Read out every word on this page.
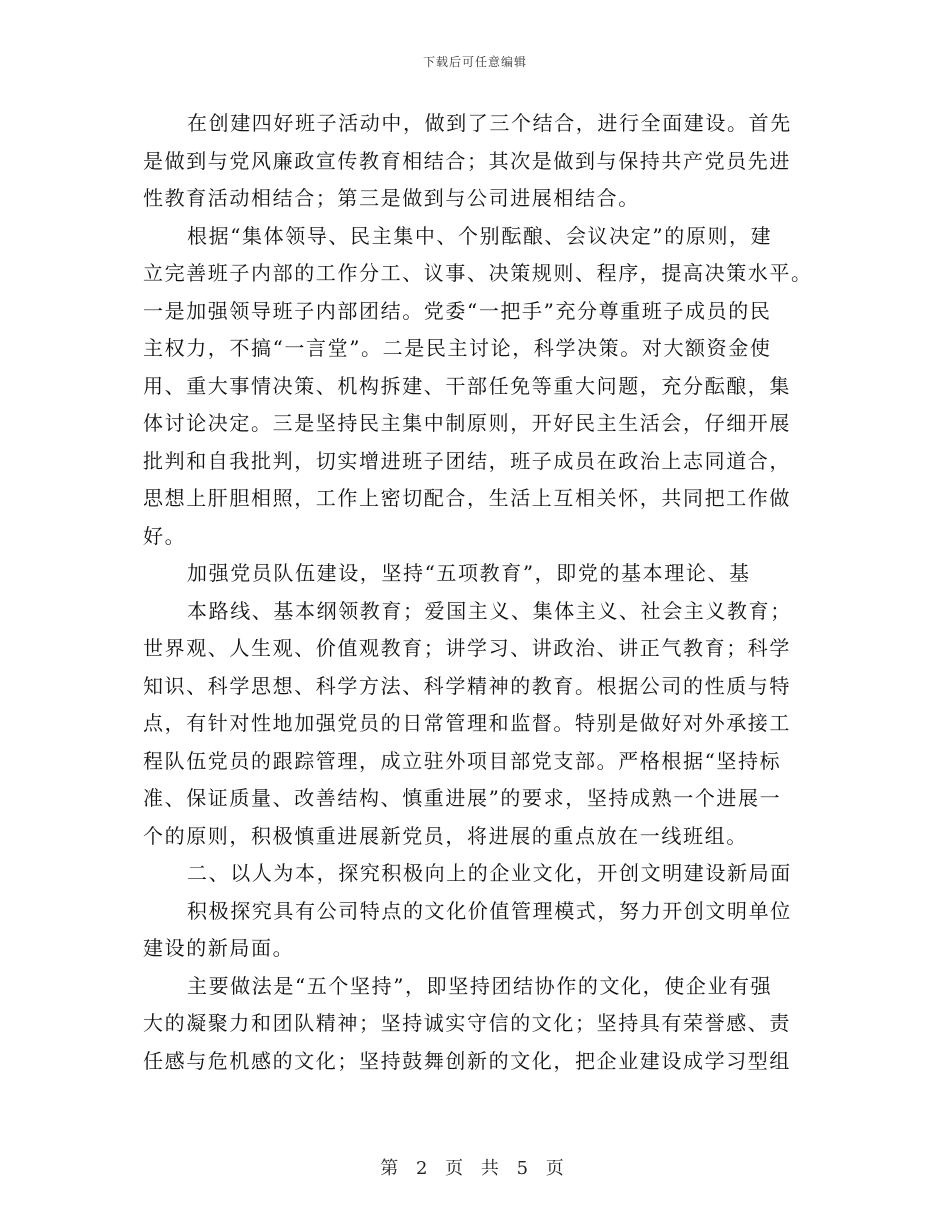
下载后可任意编辑
在创建四好班子活动中，做到了三个结合，进行全面建设。首先
是做到与党风廉政宣传教育相结合；其次是做到与保持共产党员先进
性教育活动相结合；第三是做到与公司进展相结合。
根据“集体领导、民主集中、个别酝酿、会议决定”的原则，建
立完善班子内部的工作分工、议事、决策规则、程序，提高决策水平。
一是加强领导班子内部团结。党委“一把手”充分尊重班子成员的民
主权力，不搞“一言堂”。二是民主讨论，科学决策。对大额资金使
用、重大事情决策、机构拆建、干部任免等重大问题，充分酝酿，集
体讨论决定。三是坚持民主集中制原则，开好民主生活会，仔细开展
批判和自我批判，切实增进班子团结，班子成员在政治上志同道合，
思想上肝胆相照，工作上密切配合，生活上互相关怀，共同把工作做
好。
加强党员队伍建设，坚持“五项教育”，即党的基本理论、基
本路线、基本纲领教育；爱国主义、集体主义、社会主义教育；
世界观、人生观、价值观教育；讲学习、讲政治、讲正气教育；科学
知识、科学思想、科学方法、科学精神的教育。根据公司的性质与特
点，有针对性地加强党员的日常管理和监督。特别是做好对外承接工
程队伍党员的跟踪管理，成立驻外项目部党支部。严格根据“坚持标
准、保证质量、改善结构、慎重进展”的要求，坚持成熟一个进展一
个的原则，积极慎重进展新党员，将进展的重点放在一线班组。
二、以人为本，探究积极向上的企业文化，开创文明建设新局面
积极探究具有公司特点的文化价值管理模式，努力开创文明单位
建设的新局面。
主要做法是“五个坚持”，即坚持团结协作的文化，使企业有强
大的凝聚力和团队精神；坚持诚实守信的文化；坚持具有荣誉感、责
任感与危机感的文化；坚持鼓舞创新的文化，把企业建设成学习型组
第 2 页 共 5 页
